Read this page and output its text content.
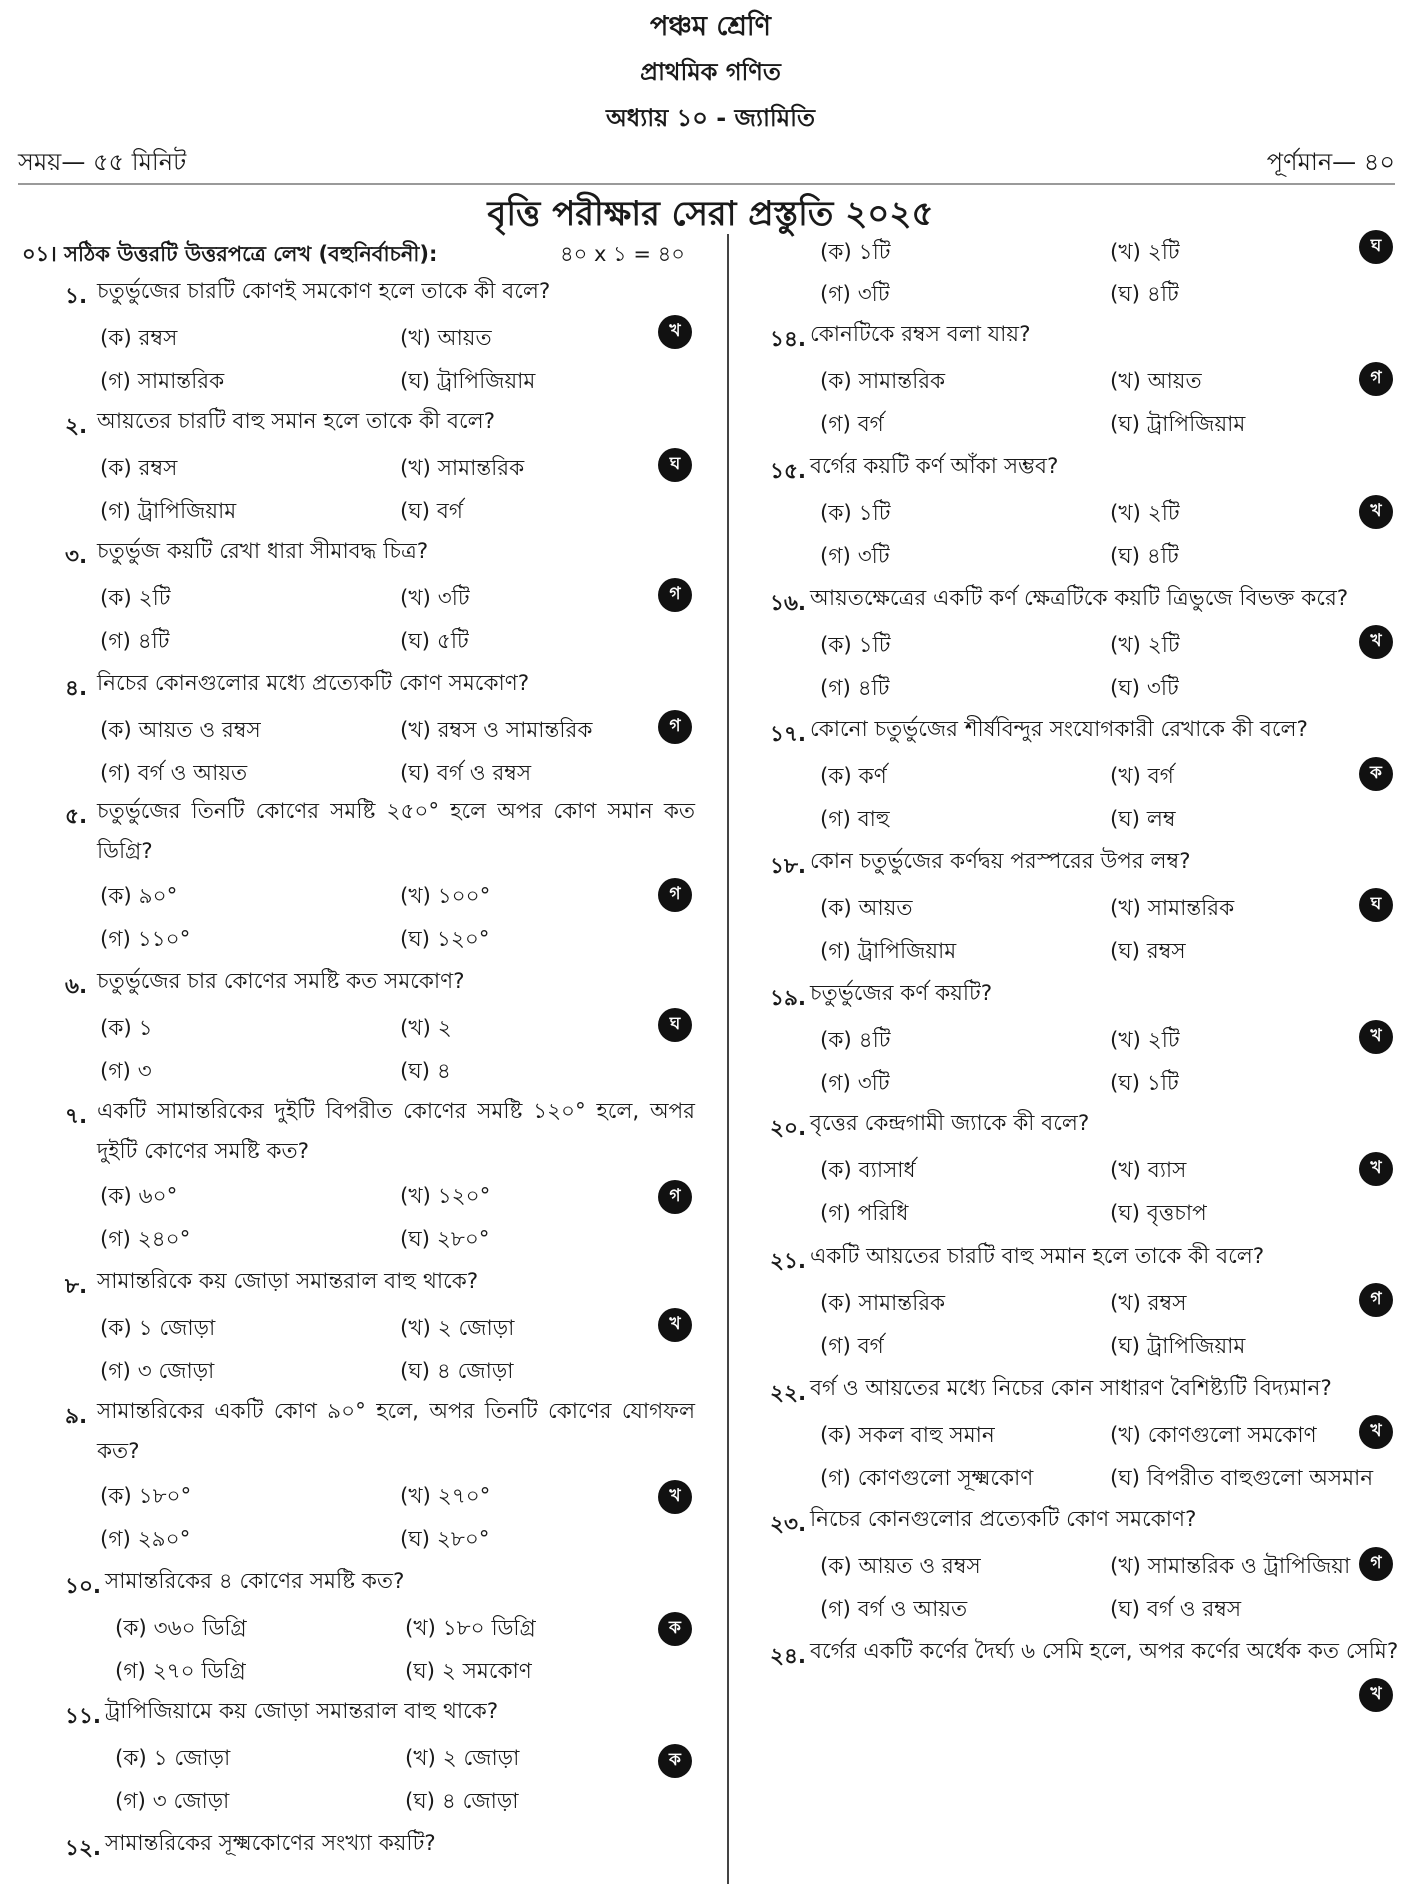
পঞ্চম শ্রেণি
প্রাথমিক গণিত
অধ্যায় ১০ - জ্যামিতি
সময়— ৫৫ মিনিট	পূর্ণমান— ৪০
বৃত্তি পরীক্ষার সেরা প্রস্তুতি ২০২৫
০১। সঠিক উত্তরটি উত্তরপত্রে লেখ (বহুনির্বাচনী):	৪০ x ১ = ৪০
১. চতুর্ভুজের চারটি কোণই সমকোণ হলে তাকে কী বলে?
(ক) রম্বস	(খ) আয়ত
(গ) সামান্তরিক	(ঘ) ট্রাপিজিয়াম
খ
২. আয়তের চারটি বাহু সমান হলে তাকে কী বলে?
(ক) রম্বস	(খ) সামান্তরিক
(গ) ট্রাপিজিয়াম	(ঘ) বর্গ
ঘ
৩. চতুর্ভুজ কয়টি রেখা ধারা সীমাবদ্ধ চিত্র?
(ক) ২টি	(খ) ৩টি
(গ) ৪টি	(ঘ) ৫টি
গ
৪. নিচের কোনগুলোর মধ্যে প্রত্যেকটি কোণ সমকোণ?
(ক) আয়ত ও রম্বস	(খ) রম্বস ও সামান্তরিক
(গ) বর্গ ও আয়ত	(ঘ) বর্গ ও রম্বস
গ
৫. চতুর্ভুজের তিনটি কোণের সমষ্টি ২৫০° হলে অপর কোণ সমান কত ডিগ্রি?
(ক) ৯০°	(খ) ১০০°
(গ) ১১০°	(ঘ) ১২০°
গ
৬. চতুর্ভুজের চার কোণের সমষ্টি কত সমকোণ?
(ক) ১	(খ) ২
(গ) ৩	(ঘ) ৪
ঘ
৭. একটি সামান্তরিকের দুইটি বিপরীত কোণের সমষ্টি ১২০° হলে, অপর দুইটি কোণের সমষ্টি কত?
(ক) ৬০°	(খ) ১২০°
(গ) ২৪০°	(ঘ) ২৮০°
গ
৮. সামান্তরিকে কয় জোড়া সমান্তরাল বাহু থাকে?
(ক) ১ জোড়া	(খ) ২ জোড়া
(গ) ৩ জোড়া	(ঘ) ৪ জোড়া
খ
৯. সামান্তরিকের একটি কোণ ৯০° হলে, অপর তিনটি কোণের যোগফল কত?
(ক) ১৮০°	(খ) ২৭০°
(গ) ২৯০°	(ঘ) ২৮০°
খ
১০. সামান্তরিকের ৪ কোণের সমষ্টি কত?
(ক) ৩৬০ ডিগ্রি	(খ) ১৮০ ডিগ্রি
(গ) ২৭০ ডিগ্রি	(ঘ) ২ সমকোণ
ক
১১. ট্রাপিজিয়ামে কয় জোড়া সমান্তরাল বাহু থাকে?
(ক) ১ জোড়া	(খ) ২ জোড়া
(গ) ৩ জোড়া	(ঘ) ৪ জোড়া
ক
১২. সামান্তরিকের সূক্ষ্মকোণের সংখ্যা কয়টি?
(ক) ১টি	(খ) ২টি
(গ) ৩টি	(ঘ) ৪টি
ঘ
১৪. কোনটিকে রম্বস বলা যায়?
(ক) সামান্তরিক	(খ) আয়ত
(গ) বর্গ	(ঘ) ট্রাপিজিয়াম
গ
১৫. বর্গের কয়টি কর্ণ আঁকা সম্ভব?
(ক) ১টি	(খ) ২টি
(গ) ৩টি	(ঘ) ৪টি
খ
১৬. আয়তক্ষেত্রের একটি কর্ণ ক্ষেত্রটিকে কয়টি ত্রিভুজে বিভক্ত করে?
(ক) ১টি	(খ) ২টি
(গ) ৪টি	(ঘ) ৩টি
খ
১৭. কোনো চতুর্ভুজের শীর্ষবিন্দুর সংযোগকারী রেখাকে কী বলে?
(ক) কর্ণ	(খ) বর্গ
(গ) বাহু	(ঘ) লম্ব
ক
১৮. কোন চতুর্ভুজের কর্ণদ্বয় পরস্পরের উপর লম্ব?
(ক) আয়ত	(খ) সামান্তরিক
(গ) ট্রাপিজিয়াম	(ঘ) রম্বস
ঘ
১৯. চতুর্ভুজের কর্ণ কয়টি?
(ক) ৪টি	(খ) ২টি
(গ) ৩টি	(ঘ) ১টি
খ
২০. বৃত্তের কেন্দ্রগামী জ্যাকে কী বলে?
(ক) ব্যাসার্ধ	(খ) ব্যাস
(গ) পরিধি	(ঘ) বৃত্তচাপ
খ
২১. একটি আয়তের চারটি বাহু সমান হলে তাকে কী বলে?
(ক) সামান্তরিক	(খ) রম্বস
(গ) বর্গ	(ঘ) ট্রাপিজিয়াম
গ
২২. বর্গ ও আয়তের মধ্যে নিচের কোন সাধারণ বৈশিষ্ট্যটি বিদ্যমান?
(ক) সকল বাহু সমান	(খ) কোণগুলো সমকোণ
(গ) কোণগুলো সূক্ষ্মকোণ	(ঘ) বিপরীত বাহুগুলো অসমান
খ
২৩. নিচের কোনগুলোর প্রত্যেকটি কোণ সমকোণ?
(ক) আয়ত ও রম্বস	(খ) সামান্তরিক ও ট্রাপিজিয়া
(গ) বর্গ ও আয়ত	(ঘ) বর্গ ও রম্বস
গ
২৪. বর্গের একটি কর্ণের দৈর্ঘ্য ৬ সেমি হলে, অপর কর্ণের অর্ধেক কত সেমি?
খ
